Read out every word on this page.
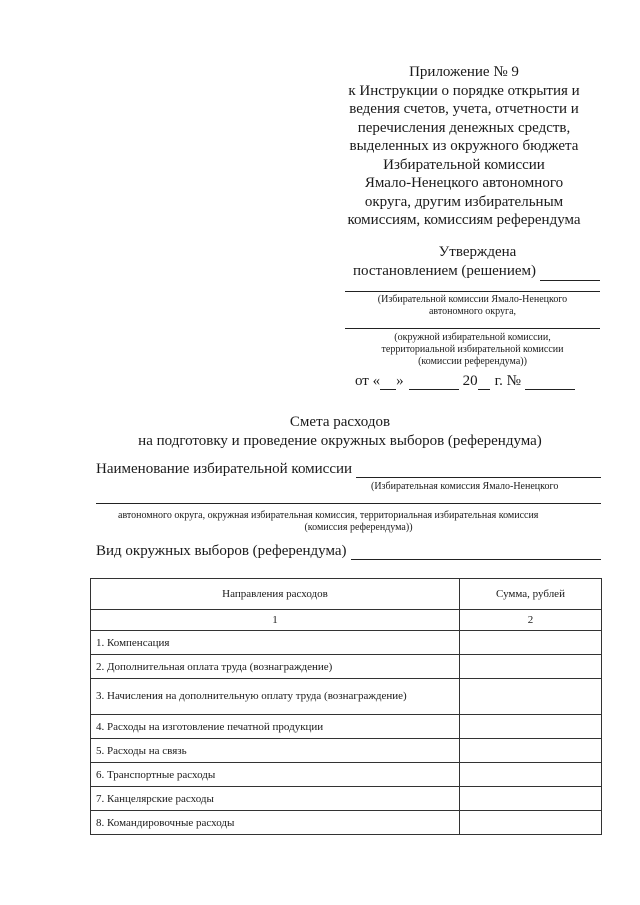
Приложение № 9
к Инструкции о порядке открытия и
ведения счетов, учета, отчетности и
перечисления денежных средств,
выделенных из окружного бюджета
Избирательной комиссии
Ямало-Ненецкого автономного
округа, другим избирательным
комиссиям, комиссиям референдума
Утверждена
постановлением (решением)
(Избирательной комиссии Ямало-Ненецкого
автономного округа,
(окружной избирательной комиссии,
территориальной избирательной комиссии
(комиссии референдума))
от « »	20 г. №
Смета расходов
на подготовку и проведение окружных выборов (референдума)
Наименование избирательной комиссии
(Избирательная комиссия Ямало-Ненецкого
автономного округа, окружная избирательная комиссия, территориальная избирательная комиссия
(комиссия референдума))
Вид окружных выборов (референдума)
Направления расходов	Сумма, рублей
1	2
1. Компенсация	
2. Дополнительная оплата труда (вознаграждение)	
3. Начисления на дополнительную оплату труда (вознаграждение)	
4. Расходы на изготовление печатной продукции	
5. Расходы на связь	
6. Транспортные расходы	
7. Канцелярские расходы	
8. Командировочные расходы	
